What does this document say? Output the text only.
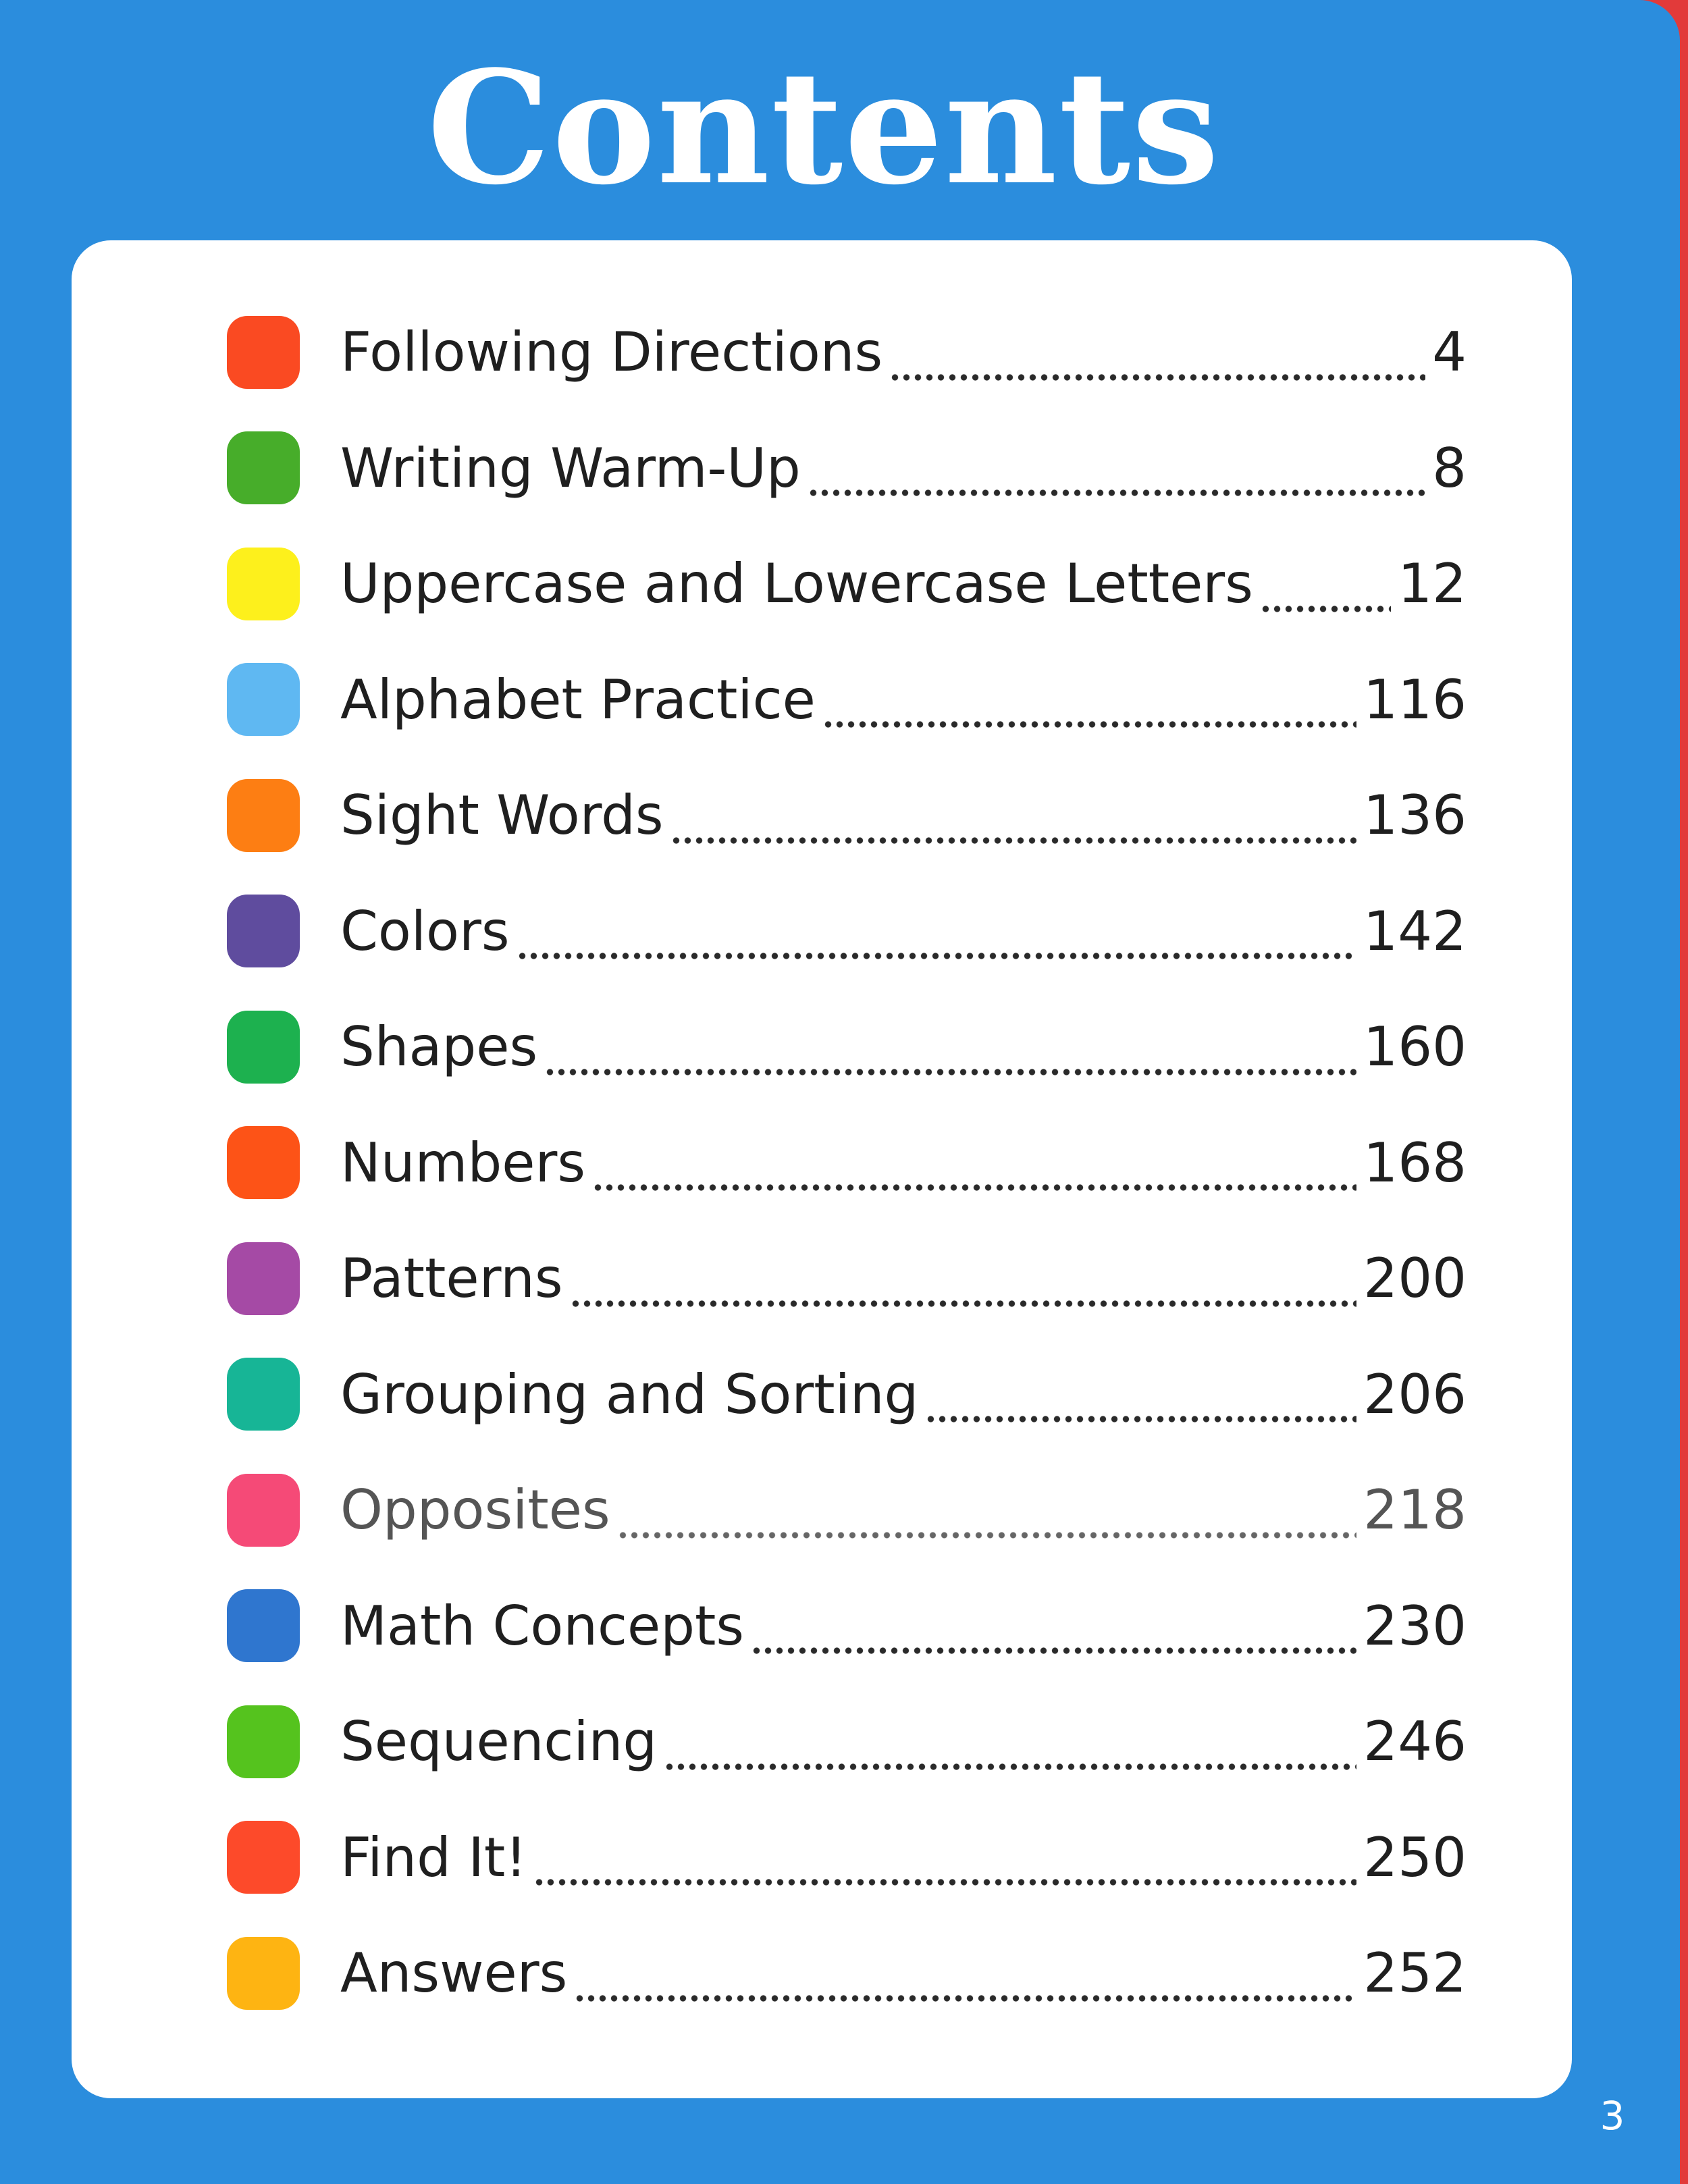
Contents
Following Directions	4
Writing Warm-Up	8
Uppercase and Lowercase Letters	12
Alphabet Practice	116
Sight Words	136
Colors	142
Shapes	160
Numbers	168
Patterns	200
Grouping and Sorting	206
Opposites	218
Math Concepts	230
Sequencing	246
Find It!	250
Answers	252
3
